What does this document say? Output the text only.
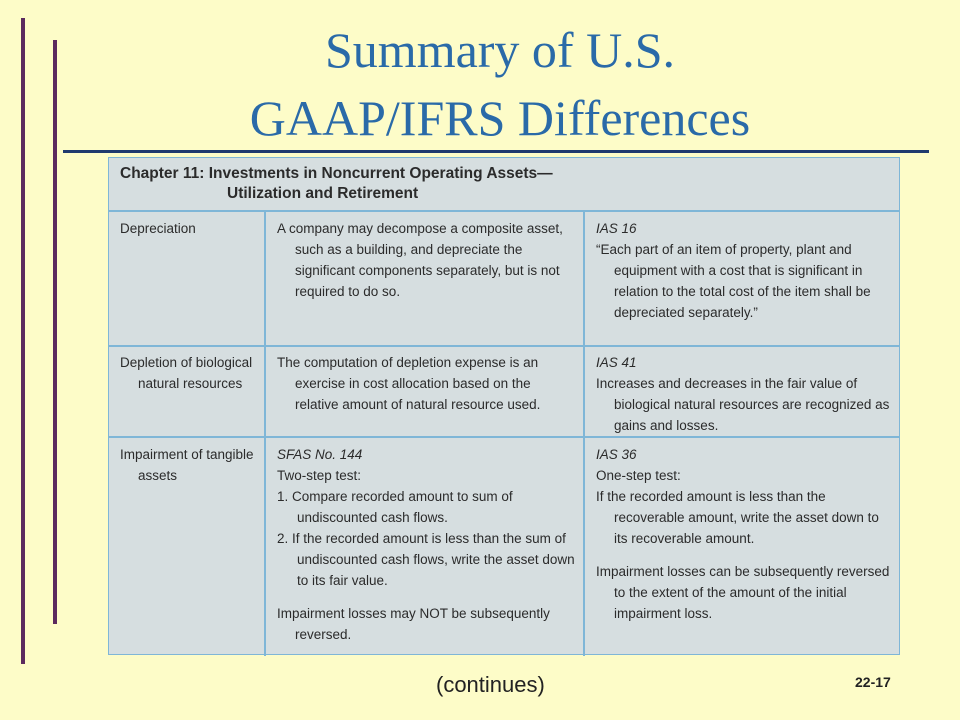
Summary of U.S.
GAAP/IFRS Differences
Chapter 11: Investments in Noncurrent Operating Assets—
Utilization and Retirement

Depreciation	A company may decompose a composite asset, such as a building, and depreciate the significant components separately, but is not required to do so.

IAS 16

“Each part of an item of property, plant and equipment with a cost that is significant in relation to the total cost of the item shall be depreciated separately.”

Depletion of biological natural resources

The computation of depletion expense is an exercise in cost allocation based on the relative amount of natural resource used.

IAS 41

Increases and decreases in the fair value of biological natural resources are recognized as gains and losses.

Impairment of tangible assets

SFAS No. 144

Two-step test:

1. Compare recorded amount to sum of undiscounted cash flows.

2. If the recorded amount is less than the sum of undiscounted cash flows, write the asset down to its fair value.

Impairment losses may NOT be subsequently reversed.

IAS 36

One-step test:

If the recorded amount is less than the recoverable amount, write the asset down to its recoverable amount.

Impairment losses can be subsequently reversed to the extent of the amount of the initial impairment loss.

(continues)	22-17
